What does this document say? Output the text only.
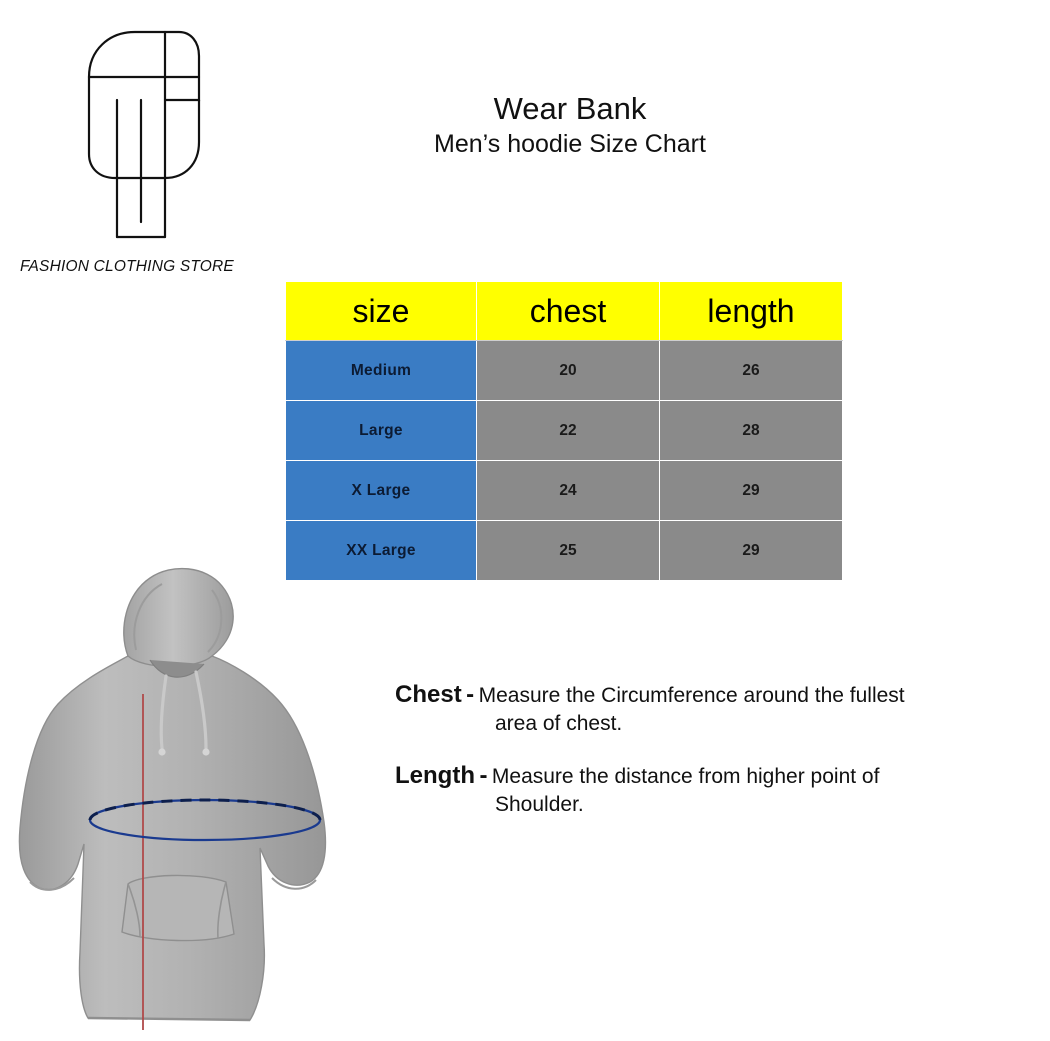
FASHION CLOTHING STORE
Wear Bank
Men’s hoodie Size Chart
size	chest	length
Medium	20	26
Large	22	28
X Large	24	29
XX Large	25	29
Chest - Measure the Circumference around the fullest
area of chest.
Length - Measure the distance from higher point of
Shoulder.
